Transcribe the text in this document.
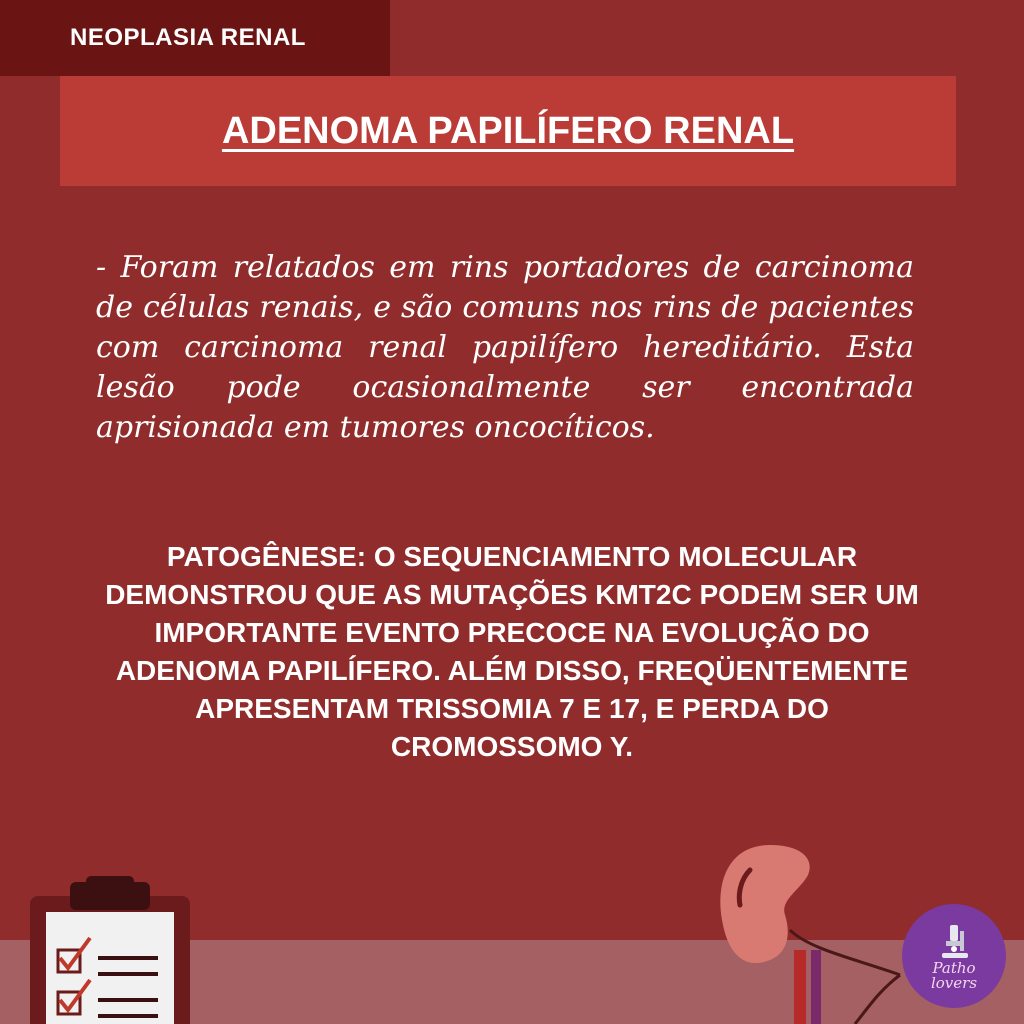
NEOPLASIA RENAL
ADENOMA PAPILÍFERO RENAL

- Foram relatados em rins portadores de carcinoma de células renais, e são comuns nos rins de pacientes com carcinoma renal papilífero hereditário. Esta lesão pode ocasionalmente ser encontrada aprisionada em tumores oncocíticos.

PATOGÊNESE: O SEQUENCIAMENTO MOLECULAR DEMONSTROU QUE AS MUTAÇÕES KMT2C PODEM SER UM IMPORTANTE EVENTO PRECOCE NA EVOLUÇÃO DO ADENOMA PAPILÍFERO. ALÉM DISSO, FREQÜENTEMENTE APRESENTAM TRISSOMIA 7 E 17, E PERDA DO CROMOSSOMO Y.

Patho
lovers
